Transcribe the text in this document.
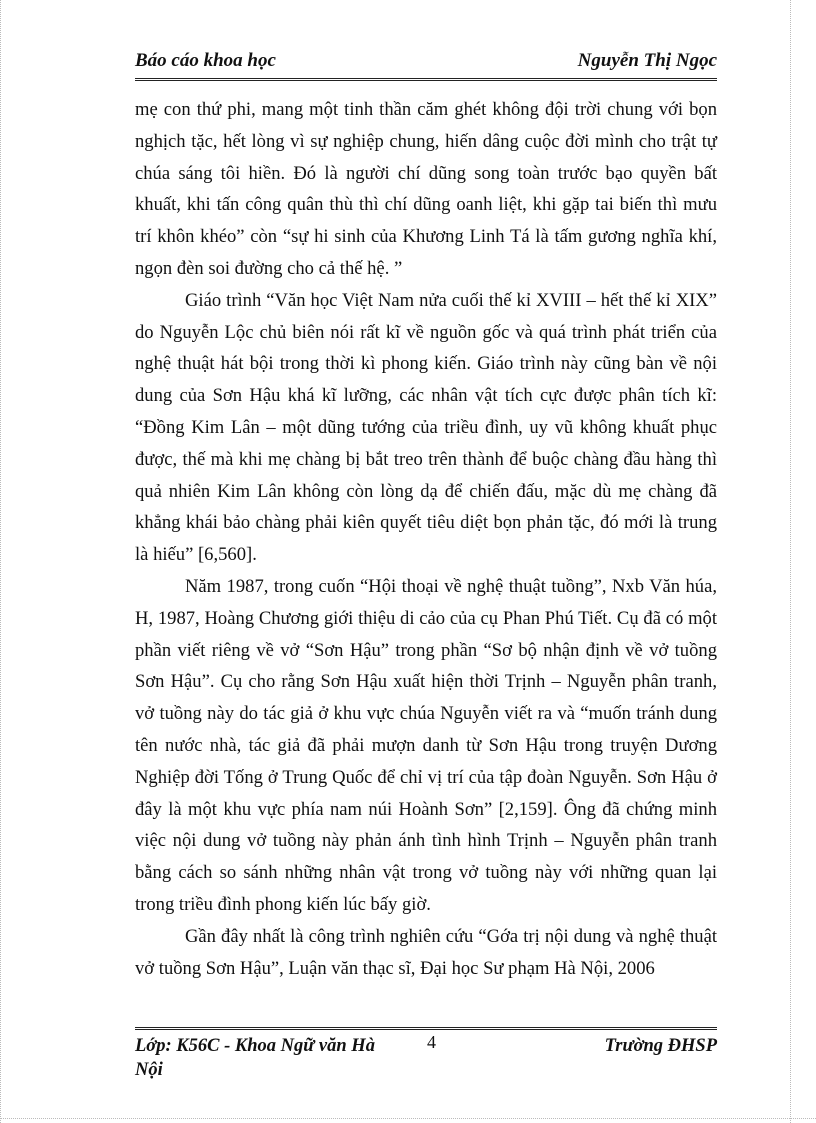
Báo cáo khoa học	Nguyễn Thị Ngọc

mẹ con thứ phi, mang một tinh thần căm ghét không đội trời chung với bọn nghịch tặc, hết lòng vì sự nghiệp chung, hiến dâng cuộc đời mình cho trật tự chúa sáng tôi hiền. Đó là người chí dũng song toàn trước bạo quyền bất khuất, khi tấn công quân thù thì chí dũng oanh liệt, khi gặp tai biến thì mưu trí khôn khéo” còn “sự hi sinh của Khương Linh Tá là tấm gương nghĩa khí, ngọn đèn soi đường cho cả thế hệ. ”

Giáo trình “Văn học Việt Nam nửa cuối thế kỉ XVIII – hết thế kỉ XIX” do Nguyễn Lộc chủ biên nói rất kĩ về nguồn gốc và quá trình phát triển của nghệ thuật hát bội trong thời kì phong kiến. Giáo trình này cũng bàn về nội dung của Sơn Hậu khá kĩ lưỡng, các nhân vật tích cực được phân tích kĩ: “Đồng Kim Lân – một dũng tướng của triều đình, uy vũ không khuất phục được, thế mà khi mẹ chàng bị bắt treo trên thành để buộc chàng đầu hàng thì quả nhiên Kim Lân không còn lòng dạ để chiến đấu, mặc dù mẹ chàng đã khẳng khái bảo chàng phải kiên quyết tiêu diệt bọn phản tặc, đó mới là trung là hiếu” [6,560].

Năm 1987, trong cuốn “Hội thoại về nghệ thuật tuồng”, Nxb Văn húa, H, 1987, Hoàng Chương giới thiệu di cảo của cụ Phan Phú Tiết. Cụ đã có một phần viết riêng về vở “Sơn Hậu” trong phần “Sơ bộ nhận định về vở tuồng Sơn Hậu”. Cụ cho rằng Sơn Hậu xuất hiện thời Trịnh – Nguyễn phân tranh, vở tuồng này do tác giả ở khu vực chúa Nguyễn viết ra và “muốn tránh dung tên nước nhà, tác giả đã phải mượn danh từ Sơn Hậu trong truyện Dương Nghiệp đời Tống ở Trung Quốc để chỉ vị trí của tập đoàn Nguyễn. Sơn Hậu ở đây là một khu vực phía nam núi Hoành Sơn” [2,159]. Ông đã chứng minh việc nội dung vở tuồng này phản ánh tình hình Trịnh – Nguyễn phân tranh bằng cách so sánh những nhân vật trong vở tuồng này với những quan lại trong triều đình phong kiến lúc bấy giờ.

Gần đây nhất là công trình nghiên cứu “Gớa trị nội dung và nghệ thuật vở tuồng Sơn Hậu”, Luận văn thạc sĩ, Đại học Sư phạm Hà Nội, 2006

Lớp: K56C - Khoa Ngữ văn Hà Nội
4	Trường ĐHSP
